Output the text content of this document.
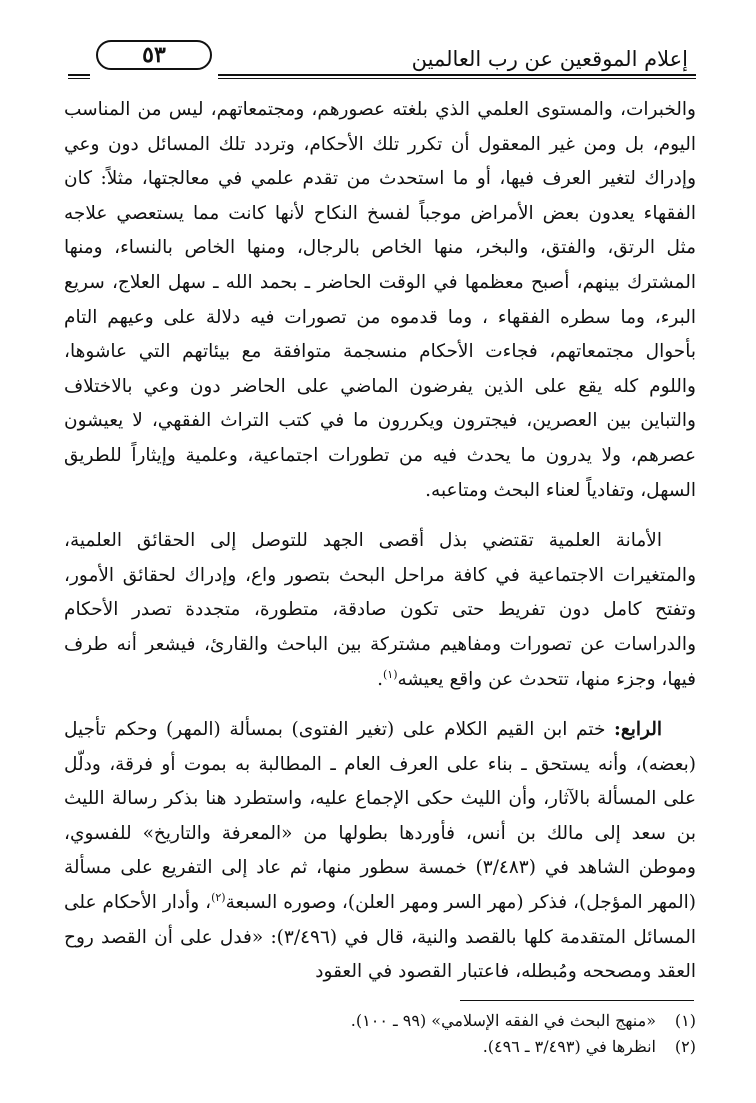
٥٣	إعلام الموقعين عن رب العالمين

والخبرات، والمستوى العلمي الذي بلغته عصورهم، ومجتمعاتهم، ليس من المناسب اليوم، بل ومن غير المعقول أن تكرر تلك الأحكام، وتردد تلك المسائل دون وعي وإدراك لتغير العرف فيها، أو ما استحدث من تقدم علمي في معالجتها، مثلاً: كان الفقهاء يعدون بعض الأمراض موجباً لفسخ النكاح لأنها كانت مما يستعصي علاجه مثل الرتق، والفتق، والبخر، منها الخاص بالرجال، ومنها الخاص بالنساء، ومنها المشترك بينهم، أصبح معظمها في الوقت الحاضر ـ بحمد الله ـ سهل العلاج، سريع البرء، وما سطره الفقهاء ، وما قدموه من تصورات فيه دلالة على وعيهم التام بأحوال مجتمعاتهم، فجاءت الأحكام منسجمة متوافقة مع بيئاتهم التي عاشوها، واللوم كله يقع على الذين يفرضون الماضي على الحاضر دون وعي بالاختلاف والتباين بين العصرين، فيجترون ويكررون ما في كتب التراث الفقهي، لا يعيشون عصرهم، ولا يدرون ما يحدث فيه من تطورات اجتماعية، وعلمية وإيثاراً للطريق السهل، وتفادياً لعناء البحث ومتاعبه.

الأمانة العلمية تقتضي بذل أقصى الجهد للتوصل إلى الحقائق العلمية، والمتغيرات الاجتماعية في كافة مراحل البحث بتصور واع، وإدراك لحقائق الأمور، وتفتح كامل دون تفريط حتى تكون صادقة، متطورة، متجددة تصدر الأحكام والدراسات عن تصورات ومفاهيم مشتركة بين الباحث والقارئ، فيشعر أنه طرف فيها، وجزء منها، تتحدث عن واقع يعيشه$^{(١)}$.

الرابع: ختم ابن القيم الكلام على (تغير الفتوى) بمسألة (المهر) وحكم تأجيل (بعضه)، وأنه يستحق ـ بناء على العرف العام ـ المطالبة به بموت أو فرقة، ودلّل على المسألة بالآثار، وأن الليث حكى الإجماع عليه، واستطرد هنا بذكر رسالة الليث بن سعد إلى مالك بن أنس، فأوردها بطولها من «المعرفة والتاريخ» للفسوي، وموطن الشاهد في (٣/٤٨٣) خمسة سطور منها، ثم عاد إلى التفريع على مسألة (المهر المؤجل)، فذكر (مهر السر ومهر العلن)، وصوره السبعة$^{(٢)}$، وأدار الأحكام على المسائل المتقدمة كلها بالقصد والنية، قال في (٣/٤٩٦): «فدل على أن القصد روح العقد ومصححه ومُبطله، فاعتبار القصود في العقود

(١)
«منهج البحث في الفقه الإسلامي» (٩٩ ـ ١٠٠).
(٢)
انظرها في (٣/٤٩٣ ـ ٤٩٦).
